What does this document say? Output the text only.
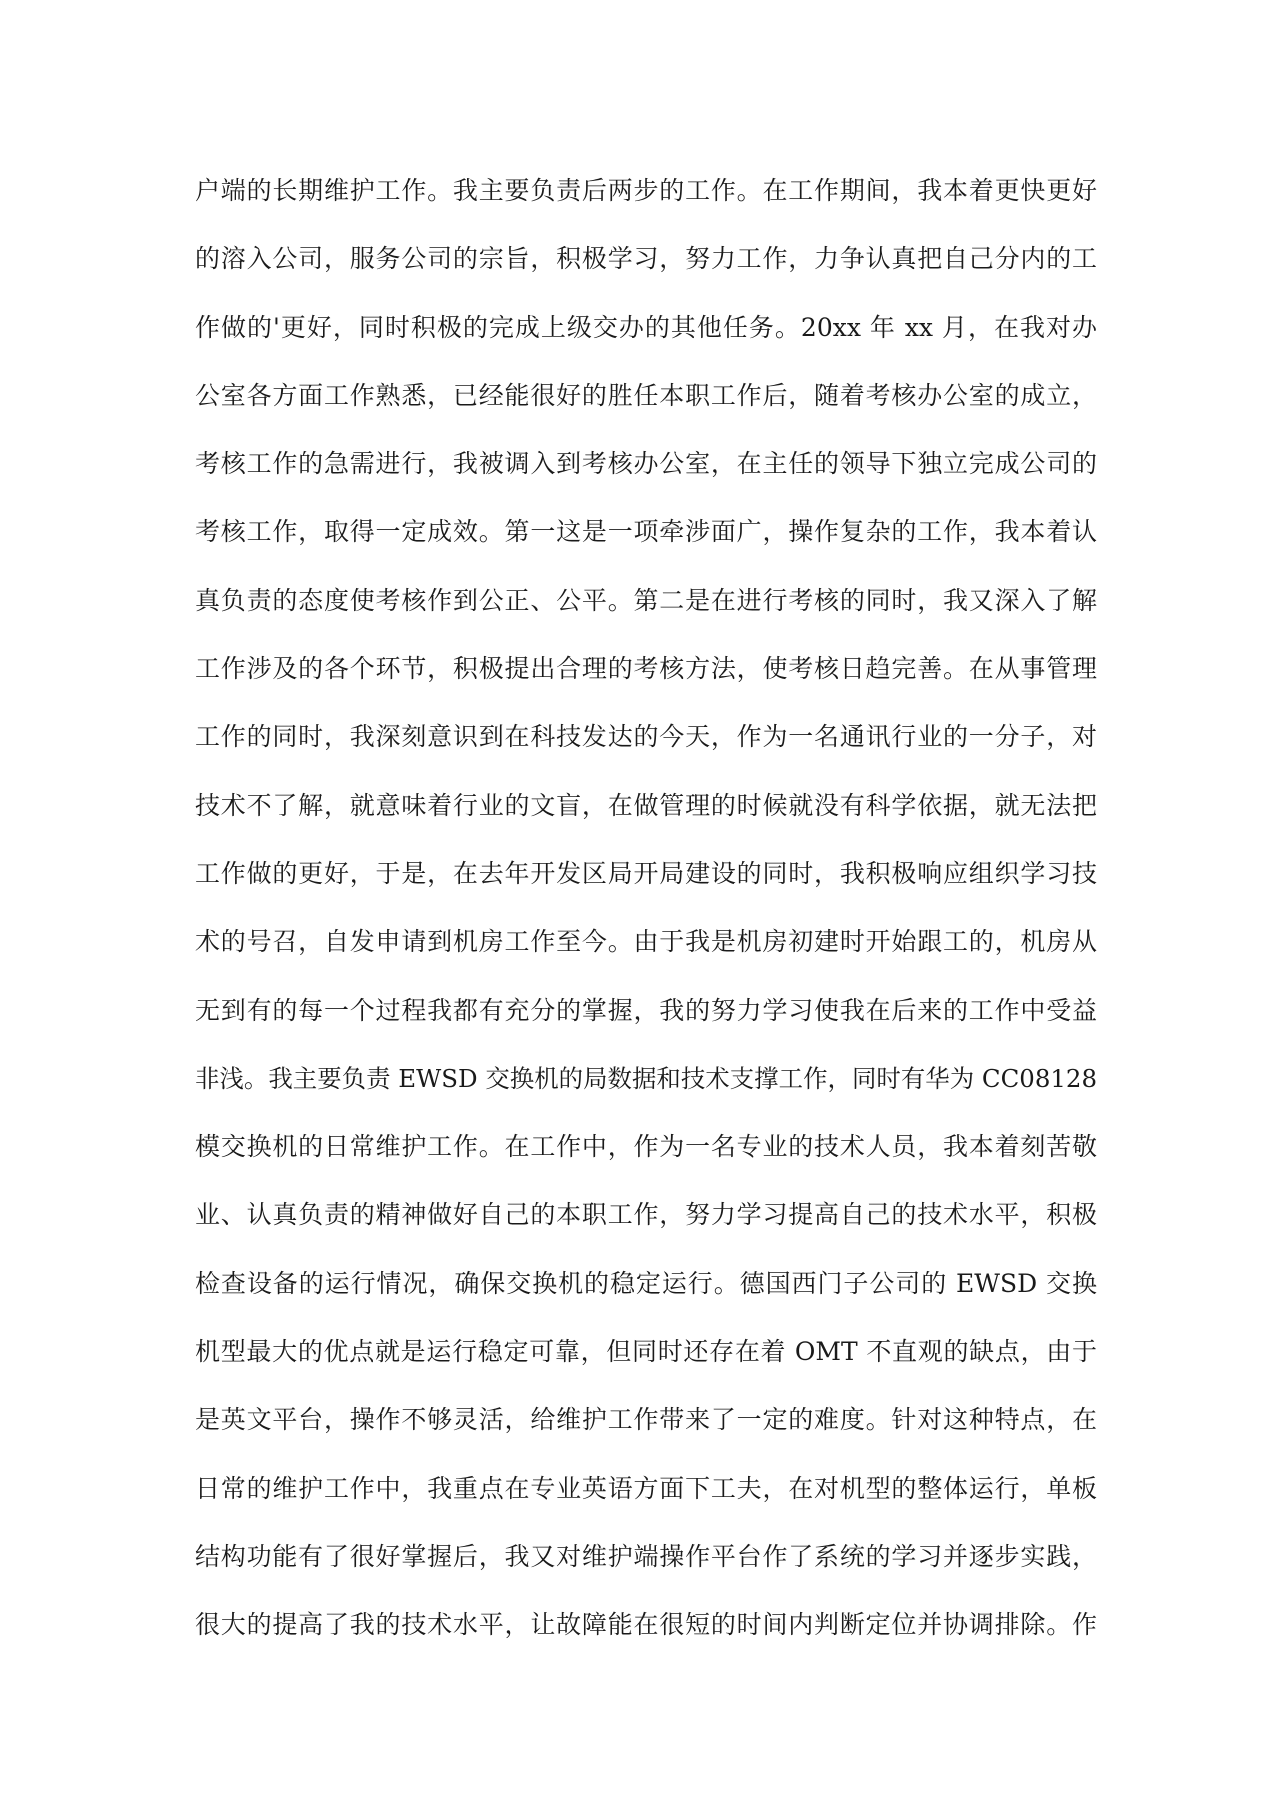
户端的长期维护工作。我主要负责后两步的工作。在工作期间，我本着更快更好
的溶入公司，服务公司的宗旨，积极学习，努力工作，力争认真把自己分内的工
作做的'更好，同时积极的完成上级交办的其他任务。20xx 年 xx 月，在我对办
公室各方面工作熟悉，已经能很好的胜任本职工作后，随着考核办公室的成立，
考核工作的急需进行，我被调入到考核办公室，在主任的领导下独立完成公司的
考核工作，取得一定成效。第一这是一项牵涉面广，操作复杂的工作，我本着认
真负责的态度使考核作到公正、公平。第二是在进行考核的同时，我又深入了解
工作涉及的各个环节，积极提出合理的考核方法，使考核日趋完善。在从事管理
工作的同时，我深刻意识到在科技发达的今天，作为一名通讯行业的一分子，对
技术不了解，就意味着行业的文盲，在做管理的时候就没有科学依据，就无法把
工作做的更好，于是，在去年开发区局开局建设的同时，我积极响应组织学习技
术的号召，自发申请到机房工作至今。由于我是机房初建时开始跟工的，机房从
无到有的每一个过程我都有充分的掌握，我的努力学习使我在后来的工作中受益
非浅。我主要负责 EWSD 交换机的局数据和技术支撑工作，同时有华为 CC08128
模交换机的日常维护工作。在工作中，作为一名专业的技术人员，我本着刻苦敬
业、认真负责的精神做好自己的本职工作，努力学习提高自己的技术水平，积极
检查设备的运行情况，确保交换机的稳定运行。德国西门子公司的 EWSD 交换
机型最大的优点就是运行稳定可靠，但同时还存在着 OMT 不直观的缺点，由于
是英文平台，操作不够灵活，给维护工作带来了一定的难度。针对这种特点，在
日常的维护工作中，我重点在专业英语方面下工夫，在对机型的整体运行，单板
结构功能有了很好掌握后，我又对维护端操作平台作了系统的学习并逐步实践，
很大的提高了我的技术水平，让故障能在很短的时间内判断定位并协调排除。作
